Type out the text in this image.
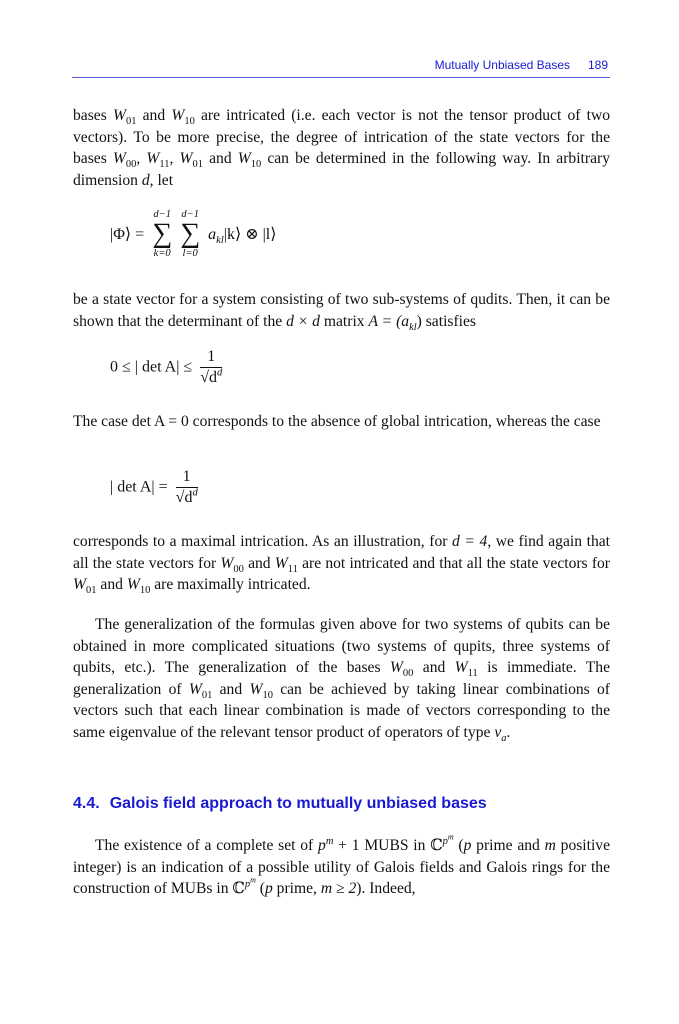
Mutually Unbiased Bases 189
bases $W_{01}$ and $W_{10}$ are intricated (i.e. each vector is not the tensor product of two vectors). To be more precise, the degree of intrication of the state vectors for the bases $W_{00}$, $W_{11}$, $W_{01}$ and $W_{10}$ can be determined in the following way. In arbitrary dimension d, let
|Φ⟩ =
d−1
∑
k=0
d−1
∑
l=0
$a_{kl}|k⟩$ ⊗ |l⟩
be a state vector for a system consisting of two sub-systems of qudits. Then, it can be shown that the determinant of the d × d matrix $A = (a_{kl})$ satisfies
0 ≤ | $\det A| \le \frac{1}{√d^d}$
The case det A = 0 corresponds to the absence of global intrication, whereas the case
| $\det A| = \frac{1}{√d^d}$
corresponds to a maximal intrication. As an illustration, for d = 4, we find again that all the state vectors for $W_{00}$ and $W_{11}$ are not intricated and that all the state vectors for $W_{01}$ and $W_{10}$ are maximally intricated.
The generalization of the formulas given above for two systems of qubits can be obtained in more complicated situations (two systems of qupits, three systems of qubits, etc.). The generalization of the bases $W_{00}$ and $W_{11}$ is immediate. The generalization of $W_{01}$ and $W_{10}$ can be achieved by taking linear combinations of vectors such that each linear combination is made of vectors corresponding to the same eigenvalue of the relevant tensor product of operators of type $v_a$.
4.4. Galois field approach to mutually unbiased bases
The existence of a complete set of $p^m + 1$ MUBS in ℂ$^{p^m}$ (p prime and m positive integer) is an indication of a possible utility of Galois fields and Galois rings for the construction of MUBs in ℂ$^{p^m}$ (p prime, m ≥ 2). Indeed,
